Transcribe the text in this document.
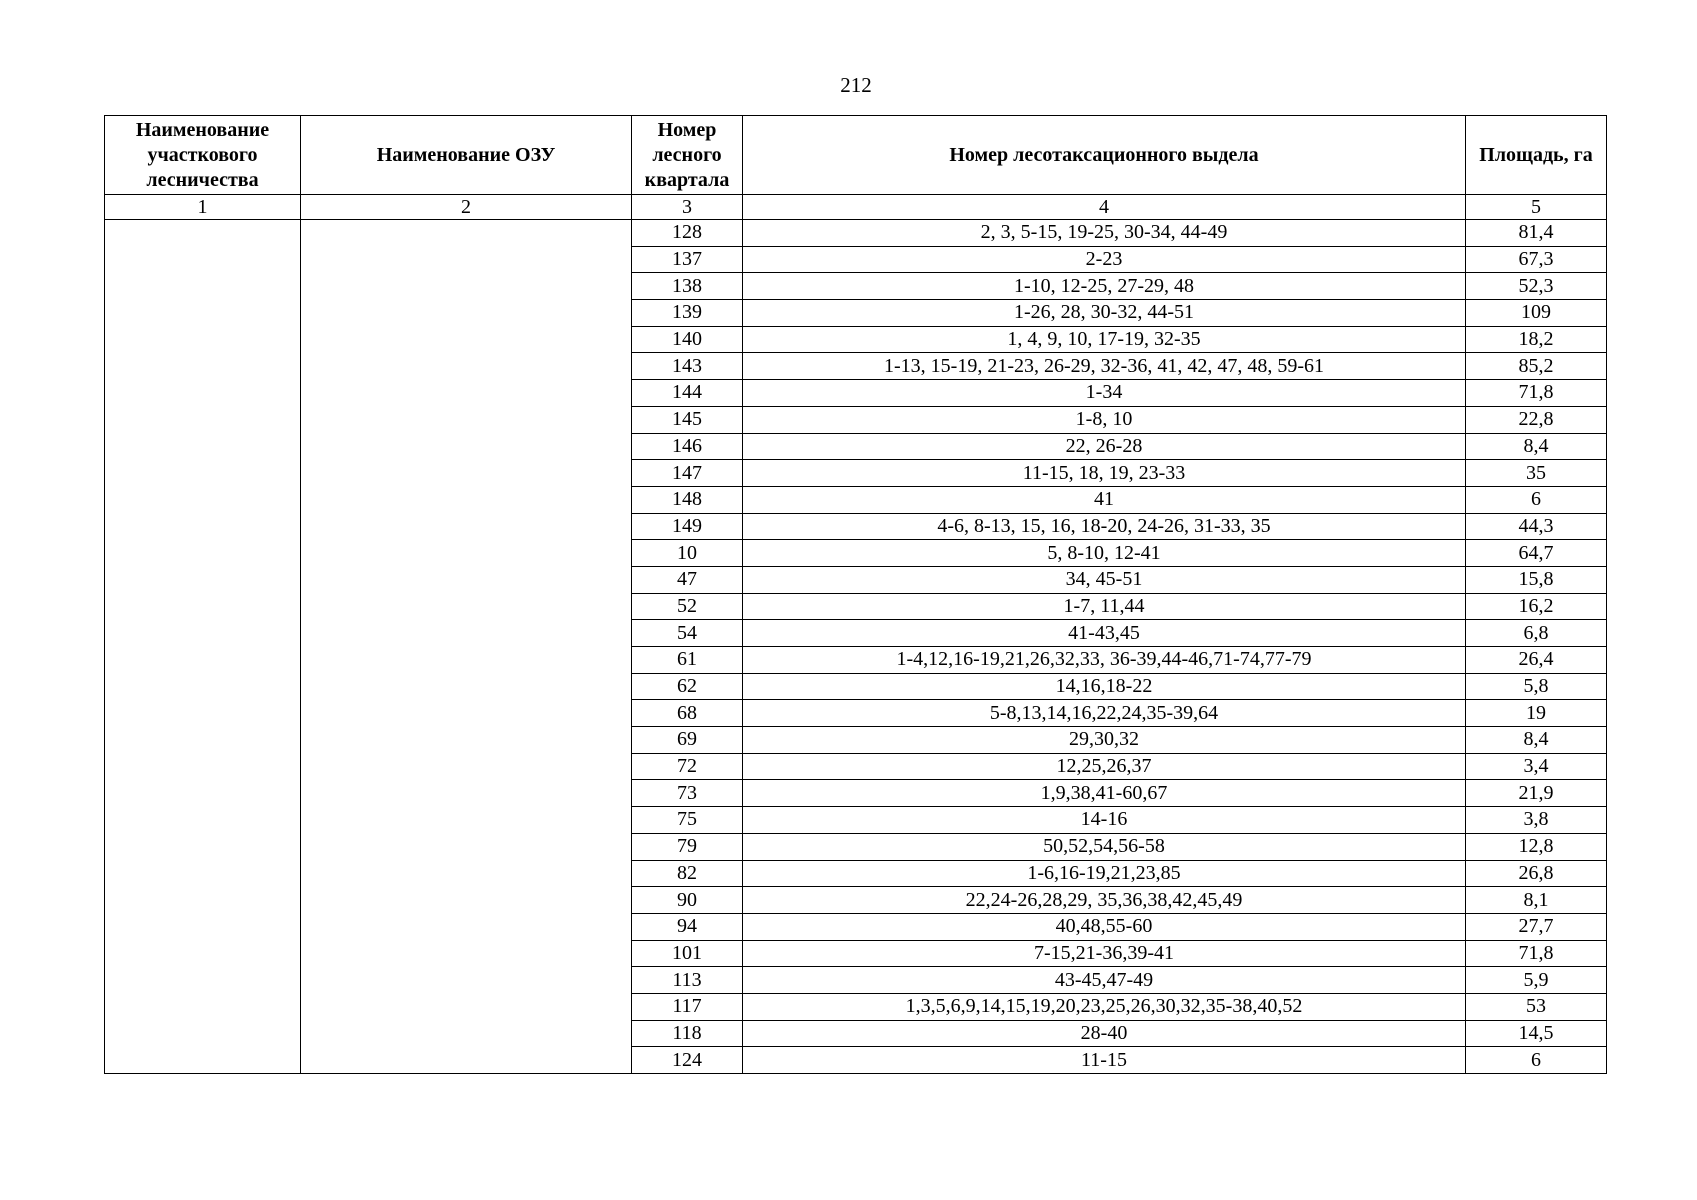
212
Наименование участкового лесничества	Наименование ОЗУ	Номер лесного квартала	Номер лесотаксационного выдела	Площадь, га
1	2	3	4	5
		128	2, 3, 5-15, 19-25, 30-34, 44-49	81,4
		137	2-23	67,3
		138	1-10, 12-25, 27-29, 48	52,3
		139	1-26, 28, 30-32, 44-51	109
		140	1, 4, 9, 10, 17-19, 32-35	18,2
		143	1-13, 15-19, 21-23, 26-29, 32-36, 41, 42, 47, 48, 59-61	85,2
		144	1-34	71,8
		145	1-8, 10	22,8
		146	22, 26-28	8,4
		147	11-15, 18, 19, 23-33	35
		148	41	6
		149	4-6, 8-13, 15, 16, 18-20, 24-26, 31-33, 35	44,3
		10	5, 8-10, 12-41	64,7
		47	34, 45-51	15,8
		52	1-7, 11,44	16,2
		54	41-43,45	6,8
		61	1-4,12,16-19,21,26,32,33, 36-39,44-46,71-74,77-79	26,4
		62	14,16,18-22	5,8
		68	5-8,13,14,16,22,24,35-39,64	19
		69	29,30,32	8,4
		72	12,25,26,37	3,4
		73	1,9,38,41-60,67	21,9
		75	14-16	3,8
		79	50,52,54,56-58	12,8
		82	1-6,16-19,21,23,85	26,8
		90	22,24-26,28,29, 35,36,38,42,45,49	8,1
		94	40,48,55-60	27,7
		101	7-15,21-36,39-41	71,8
		113	43-45,47-49	5,9
		117	1,3,5,6,9,14,15,19,20,23,25,26,30,32,35-38,40,52	53
		118	28-40	14,5
		124	11-15	6
